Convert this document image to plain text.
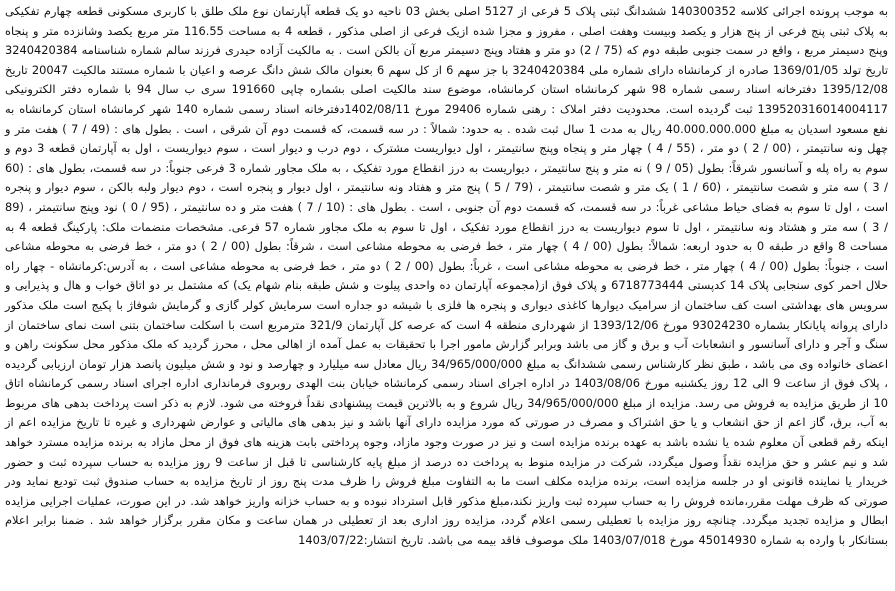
به موجب پرونده اجرائی کلاسه 140300352 ششدانگ ثبتی پلاک 5 فرعی از 5127 اصلی بخش 03 ناحیه دو یک قطعه آپارتمان نوع ملک طلق با کاربری مسکونی قطعه چهارم تفکیکی به پلاک ثبتی پنج فرعی از پنج هزار و یکصد وبیست وهفت اصلی ، مفروز و مجزا شده ازیک فرعی از اصلی مذکور ، قطعه 4 به مساحت 116.55 متر مربع یکصد وشانزده متر و پنجاه وپنج دسیمتر مربع ، واقع در سمت جنوبی طبقه دوم که (75 / 2) دو متر و هفتاد وپنج دسیمتر مربع آن بالکن است . به مالکیت آزاده حیدری فرزند سالم شماره شناسنامه 3240420384 تاریخ تولد 1369/01/05 صادره از کرمانشاه دارای شماره ملی 3240420384 با جز سهم 6 از کل سهم 6 بعنوان مالک شش دانگ عرصه و اعیان با شماره مستند مالکیت 20047 تاریخ 1395/12/08 دفترخانه اسناد رسمی شماره 98 شهر کرمانشاه استان کرمانشاه، موضوع سند مالکیت اصلی بشماره چاپی 191660 سری ب سال 94 با شماره دفتر الکترونیکی 139520316014004117 ثبت گردیده است. محدودیت دفتر املاک : رهنی شماره 29406 مورخ 1402/08/11دفترخانه اسناد رسمی شماره 140 شهر کرمانشاه استان کرمانشاه به نفع مسعود اسدیان به مبلغ 40.000.000.000 ریال به مدت 1 سال ثبت شده . به حدود: شمالاً : در سه قسمت، که قسمت دوم آن شرقی ، است . بطول های : (49 / 7 ) هفت متر و چهل ونه سانتیمتر ، (00 / 2 ) دو متر ، (55 / 4 ) چهار متر و پنجاه وپنج سانتیمتر ، اول دیواریست مشترک ، دوم درب و دیوار است ، سوم دیواریست ، اول به آپارتمان قطعه 3 دوم و سوم به راه پله و آسانسور شرقاً: بطول (05 / 9 ) نه متر و پنج سانتیمتر ، دیواریست به درز انقطاع مورد تفکیک ، به ملک مجاور شماره 3 فرعی جنوباً: در سه قسمت، بطول های : (60 / 3 ) سه متر و شصت سانتیمتر ، (60 / 1 ) یک متر و شصت سانتیمتر ، (79 / 5 ) پنج متر و هفتاد ونه سانتیمتر ، اول دیوار و پنجره است ، دوم دیوار ولبه بالکن ، سوم دیوار و پنجره است ، اول تا سوم به فضای حیاط مشاعی غرباً: در سه قسمت، که قسمت دوم آن جنوبی ، است . بطول های : (10 / 7 ) هفت متر و ده سانتیمتر ، (95 / 0 ) نود وپنج سانتیمتر ، (89 / 3 ) سه متر و هشتاد ونه سانتیمتر ، اول تا سوم دیواریست به درز انقطاع مورد تفکیک ، اول تا سوم به ملک مجاور شماره 57 فرعی. مشخصات منضمات ملک: پارکینگ قطعه 4 به مساحت 8 واقع در طبقه 0 به حدود اربعه: شمالاً: بطول (00 / 4 ) چهار متر ، خط فرضی به محوطه مشاعی است ، شرقاً: بطول (00 / 2 ) دو متر ، خط فرضی به محوطه مشاعی است ، جنوباً: بطول (00 / 4 ) چهار متر ، خط فرضی به محوطه مشاعی است ، غرباً: بطول (00 / 2 ) دو متر ، خط فرضی به محوطه مشاعی است ، به آدرس:کرمانشاه - چهار راه حلال احمر کوی سنجابی پلاک 14 کدپستی 6718773444 و پلاک فوق از(مجموعه آپارتمان ده واحدی پیلوت و شش طبقه بنام شهام یک) که مشتمل بر دو اتاق خواب و هال و پذیرایی و سرویس های بهداشتی است کف ساختمان از سرامیک دیوارها کاغذی دیواری و پنجره ها فلزی با شیشه دو جداره است سرمایش کولر گازی و گرمایش شوفاژ با پکیج است ملک مذکور دارای پروانه پایانکار بشماره 93024230 مورخ 1393/12/06 از شهرداری منطقه 4 است که عرصه کل آپارتمان 321/9 مترمربع است با اسکلت ساختمان بتنی است نمای ساختمان از سنگ و آجر و دارای آسانسور و انشعابات آب و برق و گاز می باشد وبرابر گزارش مامور اجرا با تحقیقات به عمل آمده از اهالی محل ، محرز گردید که ملک مذکور محل سکونت راهن و اعضای خانواده وی می باشد ، طبق نظر کارشناس رسمی ششدانگ به مبلغ 34/965/000/000 ریال معادل سه میلیارد و چهارصد و نود و شش میلیون پانصد هزار تومان ارزیابی گردیده ، پلاک فوق از ساعت 9 الی 12 روز یکشنبه مورخ 1403/08/06 در اداره اجرای اسناد رسمی کرمانشاه خیابان بنت الهدی روبروی فرمانداری اداره اجرای اسناد رسمی کرمانشاه اتاق 10 از طریق مزایده به فروش می رسد. مزایده از مبلغ 34/965/000/000 ریال شروع و به بالاترین قیمت پیشنهادی نقداً فروخته می شود. لازم به ذکر است پرداخت بدهی های مربوط به آب، برق، گاز اعم از حق انشعاب و یا حق اشتراک و مصرف در صورتی که مورد مزایده دارای آنها باشد و نیز بدهی های مالیاتی و عوارض شهرداری و غیره تا تاریخ مزایده اعم از اینکه رقم قطعی آن معلوم شده یا نشده باشد به عهده برنده مزایده است و نیز در صورت وجود مازاد، وجوه پرداختی بابت هزینه های فوق از محل مازاد به برنده مزایده مسترد خواهد شد و نیم عشر و حق مزایده نقداً وصول میگردد، شرکت در مزایده منوط به پرداخت ده درصد از مبلغ پایه کارشناسی تا قبل از ساعت 9 روز مزایده به حساب سپرده ثبت و حضور خریدار یا نماینده قانونی او در جلسه مزایده است، برنده مزایده مکلف است ما به التفاوت مبلغ فروش را ظرف مدت پنج روز از تاریخ مزایده به حساب صندوق ثبت تودیع نماید ودر صورتی که ظرف مهلت مقرر،مانده فروش را به حساب سپرده ثبت واریز نکند،مبلغ مذکور قابل استرداد نبوده و به حساب خزانه واریز خواهد شد. در این صورت، عملیات اجرایی مزایده ابطال و مزایده تجدید میگردد. چنانچه روز مزایده با تعطیلی رسمی اعلام گردد، مزایده روز اداری بعد از تعطیلی در همان ساعت و مکان مقرر برگزار خواهد شد . ضمنا برابر اعلام بستانکار با وارده به شماره 45014930 مورخ 1403/07/018 ملک موصوف فاقد بیمه می باشد. تاریخ انتشار:1403/07/22
